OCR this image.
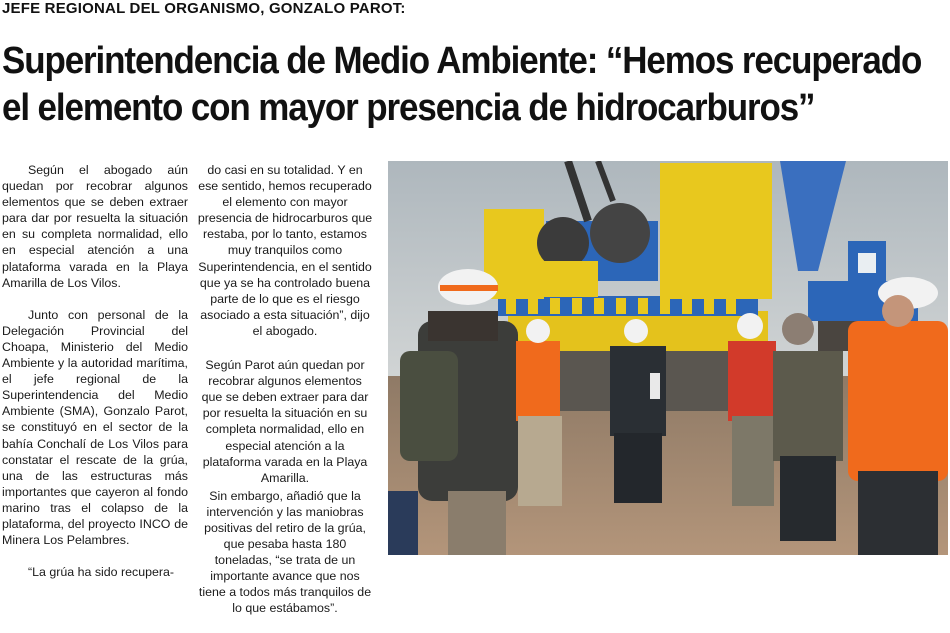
JEFE REGIONAL DEL ORGANISMO, GONZALO PAROT:
Superintendencia de Medio Ambiente: “Hemos recuperado
el elemento con mayor presencia de hidrocarburos”

Según el abogado aún quedan por recobrar algunos elementos que se deben extraer para dar por resuelta la situación en su completa normalidad, ello en especial atención a una plataforma varada en la Playa Amarilla de Los Vilos.

Junto con personal de la Delegación Provincial del Choapa, Ministerio del Medio Ambiente y la autoridad marítima, el jefe regional de la Superintendencia del Medio Ambiente (SMA), Gonzalo Parot, se constituyó en el sector de la bahía Conchalí de Los Vilos para constatar el rescate de la grúa, una de las estructuras más importantes que cayeron al fondo marino tras el colapso de la plataforma, del proyecto INCO de Minera Los Pelambres.

“La grúa ha sido recupera-

do casi en su totalidad. Y en ese sentido, hemos recuperado el elemento con mayor presencia de hidrocarburos que restaba, por lo tanto, estamos muy tranquilos como Superintendencia, en el sentido que ya se ha controlado buena parte de lo que es el riesgo asociado a esta situación”, dijo el abogado.

Según Parot aún quedan por recobrar algunos elementos que se deben extraer para dar por resuelta la situación en su completa normalidad, ello en especial atención a la plataforma varada en la Playa Amarilla.

Sin embargo, añadió que la intervención y las maniobras positivas del retiro de la grúa, que pesaba hasta 180 toneladas, “se trata de un importante avance que nos tiene a todos más tranquilos de lo que estábamos”.
